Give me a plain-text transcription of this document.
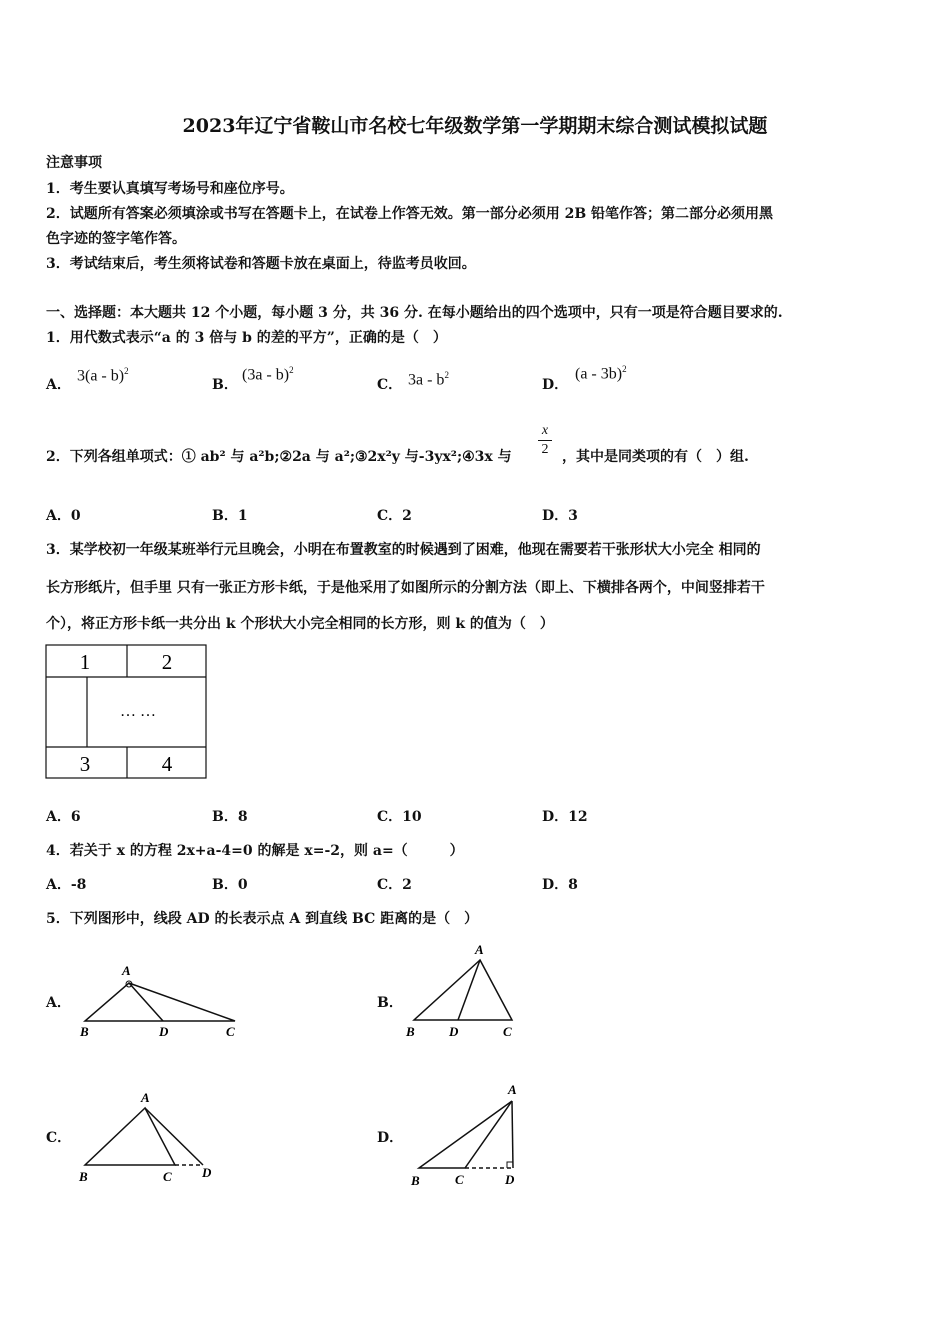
2023年辽宁省鞍山市名校七年级数学第一学期期末综合测试模拟试题
注意事项
1．考生要认真填写考场号和座位序号。
2．试题所有答案必须填涂或书写在答题卡上，在试卷上作答无效。第一部分必须用 2B 铅笔作答；第二部分必须用黑
色字迹的签字笔作答。
3．考试结束后，考生须将试卷和答题卡放在桌面上，待监考员收回。
一、选择题：本大题共 12 个小题，每小题 3 分，共 36 分. 在每小题给出的四个选项中，只有一项是符合题目要求的.
1．用代数式表示“a 的 3 倍与 b 的差的平方”，正确的是（　）
A．
3(a - b)$^2$
B．
(3a - b)$^2$
C． $3a - b^2$
D．
(a - 3b)$^2$
2．下列各组单项式：① ab² 与 a²b;②2a 与 a²;③2x²y 与-3yx²;④3x 与
x
2 ，其中是同类项的有（　）组.
A．0	B．1	C．2	D．3
3．某学校初一年级某班举行元旦晚会，小明在布置教室的时候遇到了困难，他现在需要若干张形状大小完全 相同的
长方形纸片，但手里 只有一张正方形卡纸，于是他采用了如图所示的分割方法（即上、下横排各两个，中间竖排若干
个），将正方形卡纸一共分出 k 个形状大小完全相同的长方形，则 k 的值为（　）
1	2
… …
3	4
A．6	B．8	C．10	D．12
4．若关于 x 的方程 2x+a-4=0 的解是 x=-2，则 a=（　　　）
A．-8	B．0	C．2	D．8
5．下列图形中，线段 AD 的长表示点 A 到直线 BC 距离的是（　）
A．
A
B	D	C
B．
A
B	D	C
C．
A
B	C D
D．
A
B	C	D
